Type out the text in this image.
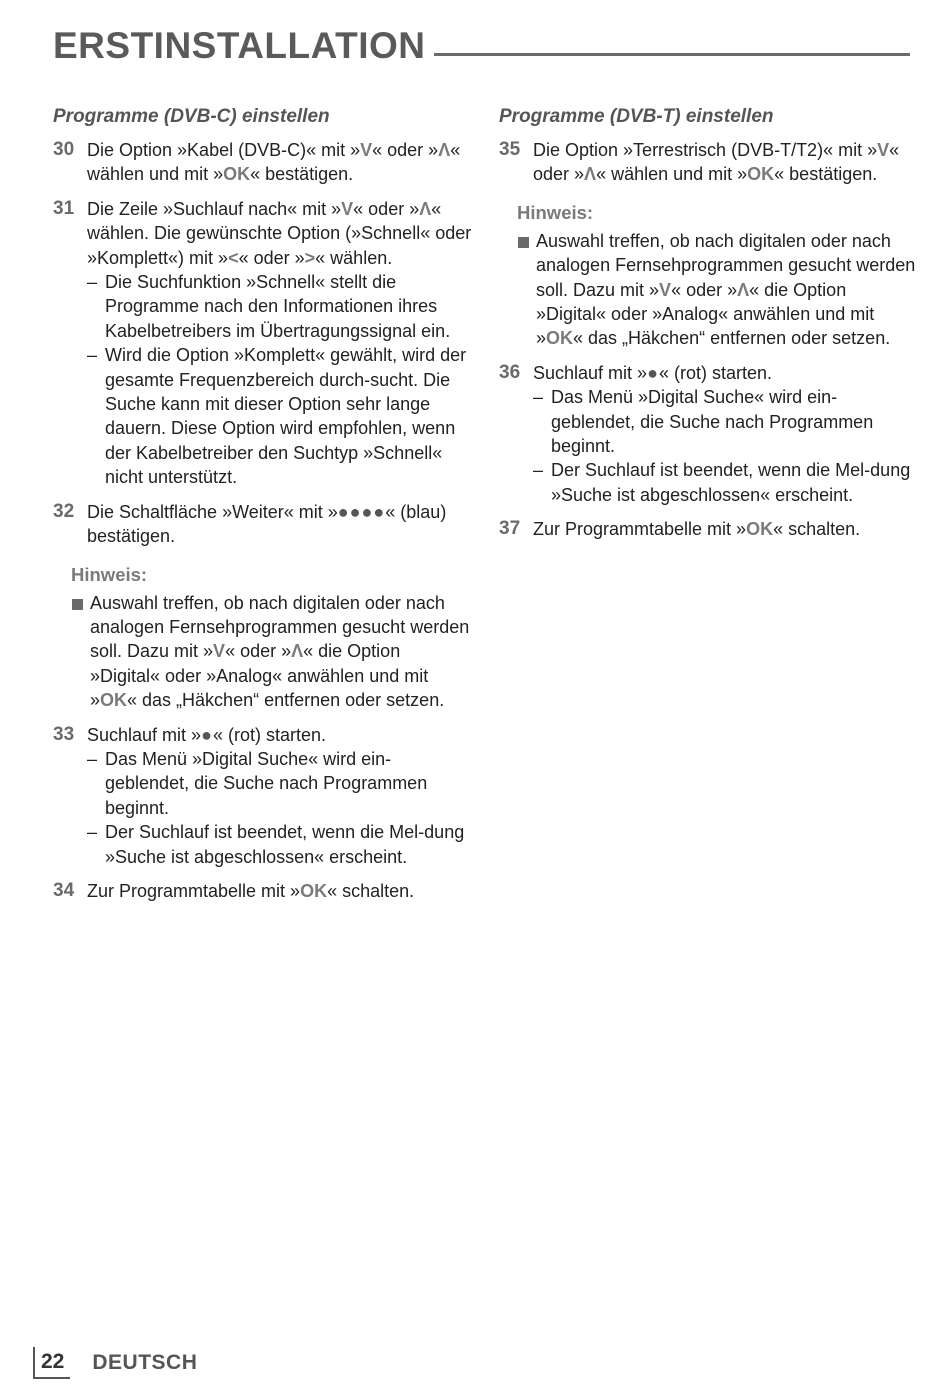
ERSTINSTALLATION
Programme (DVB-C) einstellen
30 Die Option »Kabel (DVB-C)« mit »V« oder »Λ« wählen und mit »OK« bestätigen.
31 Die Zeile »Suchlauf nach« mit »V« oder »Λ« wählen. Die gewünschte Option (»Schnell« oder »Komplett«) mit »<« oder »>« wählen.
– Die Suchfunktion »Schnell« stellt die Programme nach den Informationen ihres Kabelbetreibers im Übertragungssignal ein.
– Wird die Option »Komplett« gewählt, wird der gesamte Frequenzbereich durch-sucht. Die Suche kann mit dieser Option sehr lange dauern. Diese Option wird empfohlen, wenn der Kabelbetreiber den Suchtyp »Schnell« nicht unterstützt.
32 Die Schaltfläche »Weiter« mit »●●●●« (blau) bestätigen.
Hinweis:
Auswahl treffen, ob nach digitalen oder nach analogen Fernsehprogrammen gesucht werden soll. Dazu mit »V« oder »Λ« die Option »Digital« oder »Analog« anwählen und mit »OK« das „Häkchen“ entfernen oder setzen.
33 Suchlauf mit »●« (rot) starten.
– Das Menü »Digital Suche« wird ein-geblendet, die Suche nach Programmen beginnt.
– Der Suchlauf ist beendet, wenn die Mel-dung »Suche ist abgeschlossen« erscheint.
34 Zur Programmtabelle mit »OK« schalten.
Programme (DVB-T) einstellen
35 Die Option »Terrestrisch (DVB-T/T2)« mit »V« oder »Λ« wählen und mit »OK« bestätigen.
Hinweis:
Auswahl treffen, ob nach digitalen oder nach analogen Fernsehprogrammen gesucht werden soll. Dazu mit »V« oder »Λ« die Option »Digital« oder »Analog« anwählen und mit »OK« das „Häkchen“ entfernen oder setzen.
36 Suchlauf mit »●« (rot) starten.
– Das Menü »Digital Suche« wird ein-geblendet, die Suche nach Programmen beginnt.
– Der Suchlauf ist beendet, wenn die Mel-dung »Suche ist abgeschlossen« erscheint.
37 Zur Programmtabelle mit »OK« schalten.
22 DEUTSCH
